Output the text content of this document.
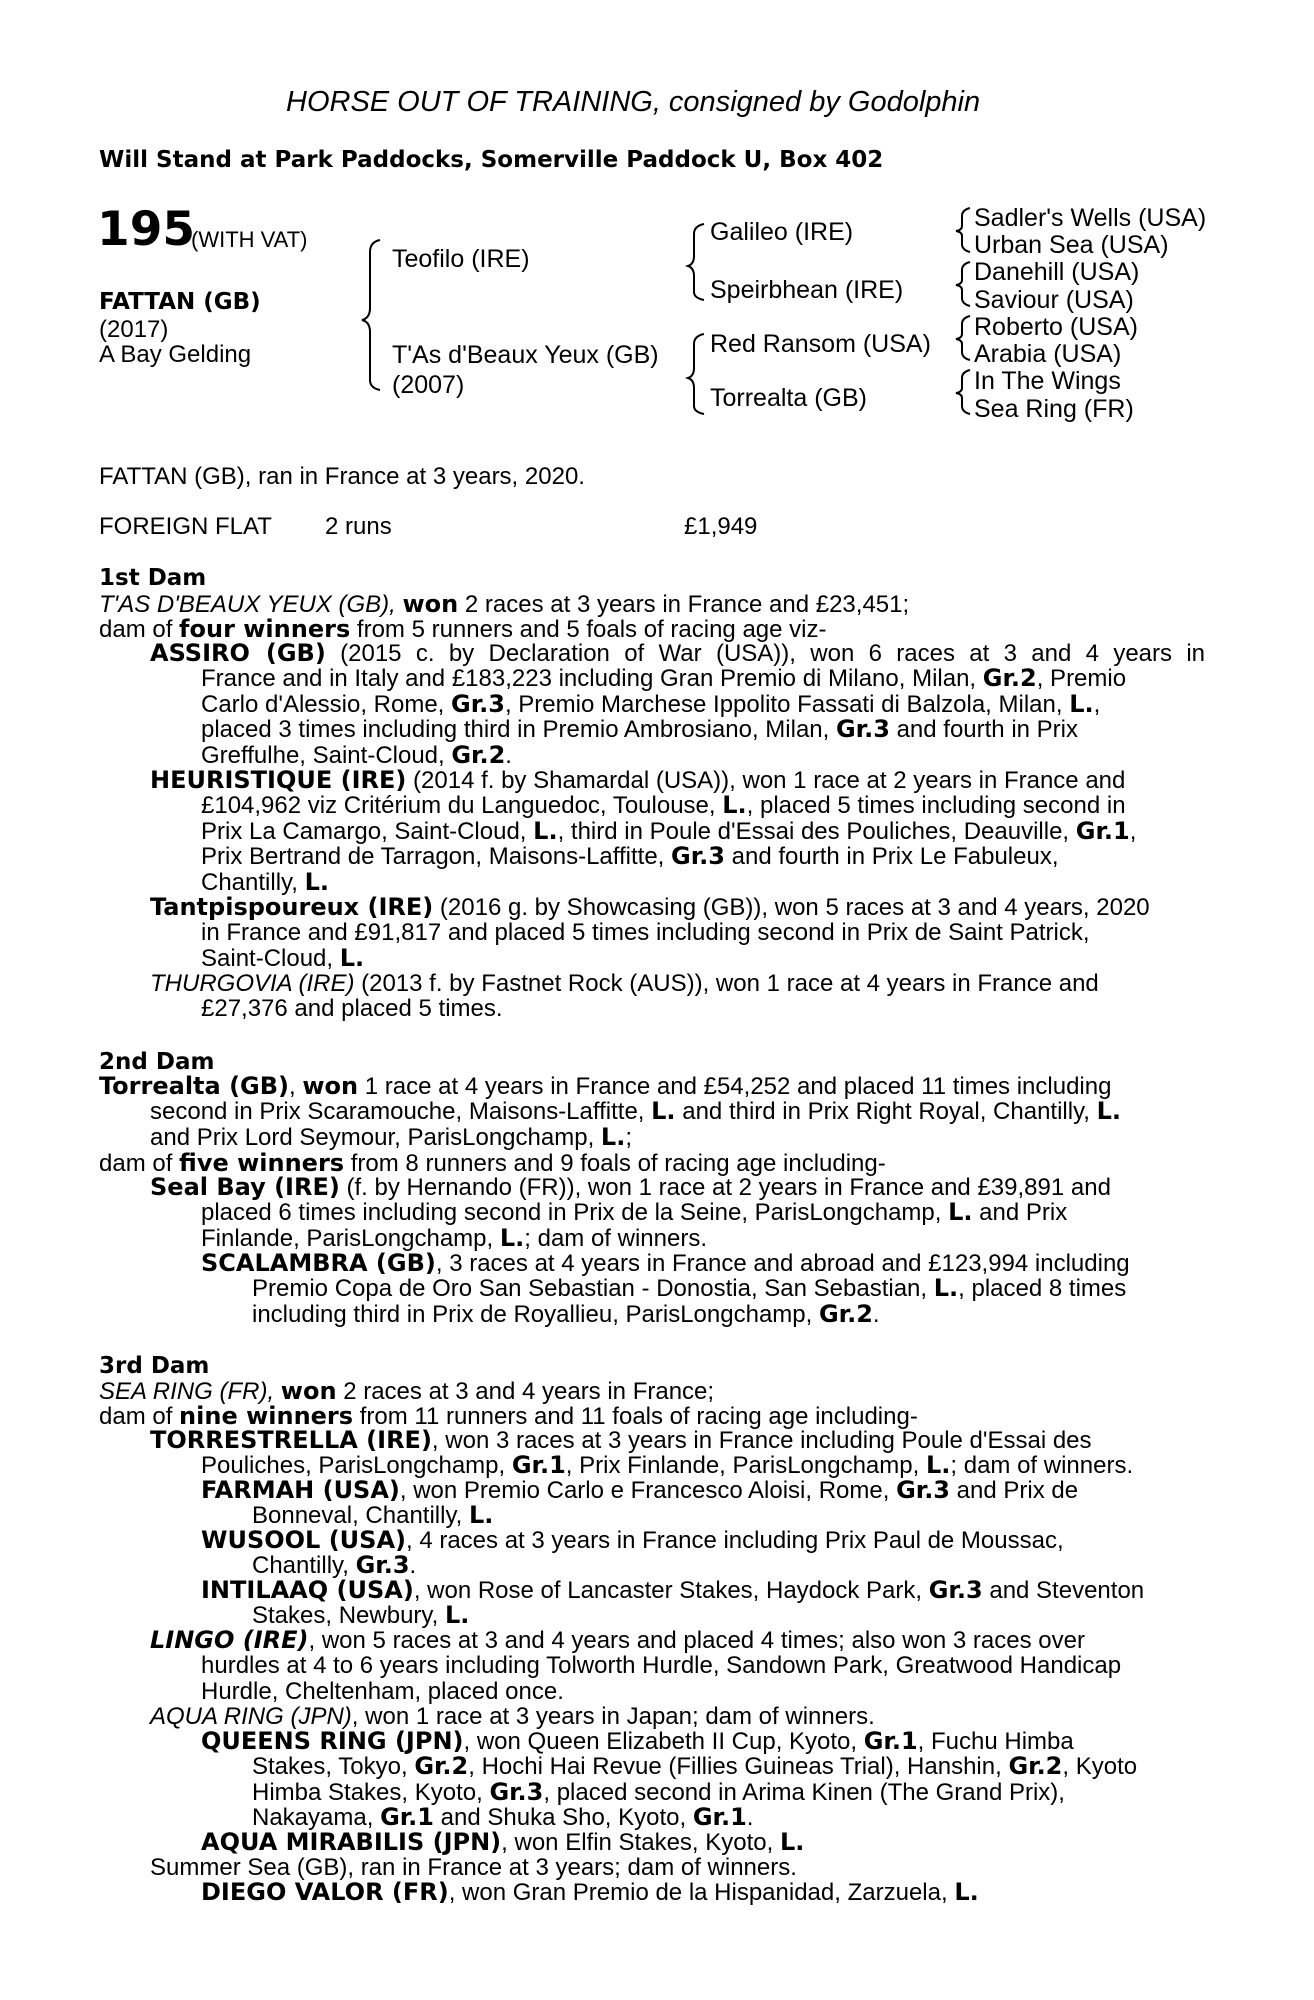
HORSE OUT OF TRAINING, consigned by Godolphin
Will Stand at Park Paddocks, Somerville Paddock U, Box 402
195
(WITH VAT)
FATTAN (GB)
(2017)
A Bay Gelding
Teofilo (IRE)
T'As d'Beaux Yeux (GB)
(2007)
Galileo (IRE)
Speirbhean (IRE)
Red Ransom (USA)
Torrealta (GB)
Sadler's Wells (USA)
Urban Sea (USA)
Danehill (USA)
Saviour (USA)
Roberto (USA)
Arabia (USA)
In The Wings
Sea Ring (FR)
FATTAN (GB), ran in France at 3 years, 2020.
FOREIGN FLAT 2 runs	£1,949
1st Dam
T'AS D'BEAUX YEUX (GB), won 2 races at 3 years in France and £23,451;
dam of four winners from 5 runners and 5 foals of racing age viz-
ASSIRO (GB) (2015 c. by Declaration of War (USA)), won 6 races at 3 and 4 years in
France and in Italy and £183,223 including Gran Premio di Milano, Milan, Gr.2, Premio
Carlo d'Alessio, Rome, Gr.3, Premio Marchese Ippolito Fassati di Balzola, Milan, L.,
placed 3 times including third in Premio Ambrosiano, Milan, Gr.3 and fourth in Prix
Greffulhe, Saint-Cloud, Gr.2.
HEURISTIQUE (IRE) (2014 f. by Shamardal (USA)), won 1 race at 2 years in France and
£104,962 viz Critérium du Languedoc, Toulouse, L., placed 5 times including second in
Prix La Camargo, Saint-Cloud, L., third in Poule d'Essai des Pouliches, Deauville, Gr.1,
Prix Bertrand de Tarragon, Maisons-Laffitte, Gr.3 and fourth in Prix Le Fabuleux,
Chantilly, L.
Tantpispoureux (IRE) (2016 g. by Showcasing (GB)), won 5 races at 3 and 4 years, 2020
in France and £91,817 and placed 5 times including second in Prix de Saint Patrick,
Saint-Cloud, L.
THURGOVIA (IRE) (2013 f. by Fastnet Rock (AUS)), won 1 race at 4 years in France and
£27,376 and placed 5 times.
2nd Dam
Torrealta (GB), won 1 race at 4 years in France and £54,252 and placed 11 times including
second in Prix Scaramouche, Maisons-Laffitte, L. and third in Prix Right Royal, Chantilly, L.
and Prix Lord Seymour, ParisLongchamp, L.;
dam of five winners from 8 runners and 9 foals of racing age including-
Seal Bay (IRE) (f. by Hernando (FR)), won 1 race at 2 years in France and £39,891 and
placed 6 times including second in Prix de la Seine, ParisLongchamp, L. and Prix
Finlande, ParisLongchamp, L.; dam of winners.
SCALAMBRA (GB), 3 races at 4 years in France and abroad and £123,994 including
Premio Copa de Oro San Sebastian - Donostia, San Sebastian, L., placed 8 times
including third in Prix de Royallieu, ParisLongchamp, Gr.2.
3rd Dam
SEA RING (FR), won 2 races at 3 and 4 years in France;
dam of nine winners from 11 runners and 11 foals of racing age including-
TORRESTRELLA (IRE), won 3 races at 3 years in France including Poule d'Essai des
Pouliches, ParisLongchamp, Gr.1, Prix Finlande, ParisLongchamp, L.; dam of winners.
FARMAH (USA), won Premio Carlo e Francesco Aloisi, Rome, Gr.3 and Prix de
Bonneval, Chantilly, L.
WUSOOL (USA), 4 races at 3 years in France including Prix Paul de Moussac,
Chantilly, Gr.3.
INTILAAQ (USA), won Rose of Lancaster Stakes, Haydock Park, Gr.3 and Steventon
Stakes, Newbury, L.
LINGO (IRE), won 5 races at 3 and 4 years and placed 4 times; also won 3 races over
hurdles at 4 to 6 years including Tolworth Hurdle, Sandown Park, Greatwood Handicap
Hurdle, Cheltenham, placed once.
AQUA RING (JPN), won 1 race at 3 years in Japan; dam of winners.
QUEENS RING (JPN), won Queen Elizabeth II Cup, Kyoto, Gr.1, Fuchu Himba
Stakes, Tokyo, Gr.2, Hochi Hai Revue (Fillies Guineas Trial), Hanshin, Gr.2, Kyoto
Himba Stakes, Kyoto, Gr.3, placed second in Arima Kinen (The Grand Prix),
Nakayama, Gr.1 and Shuka Sho, Kyoto, Gr.1.
AQUA MIRABILIS (JPN), won Elfin Stakes, Kyoto, L.
Summer Sea (GB), ran in France at 3 years; dam of winners.
DIEGO VALOR (FR), won Gran Premio de la Hispanidad, Zarzuela, L.
